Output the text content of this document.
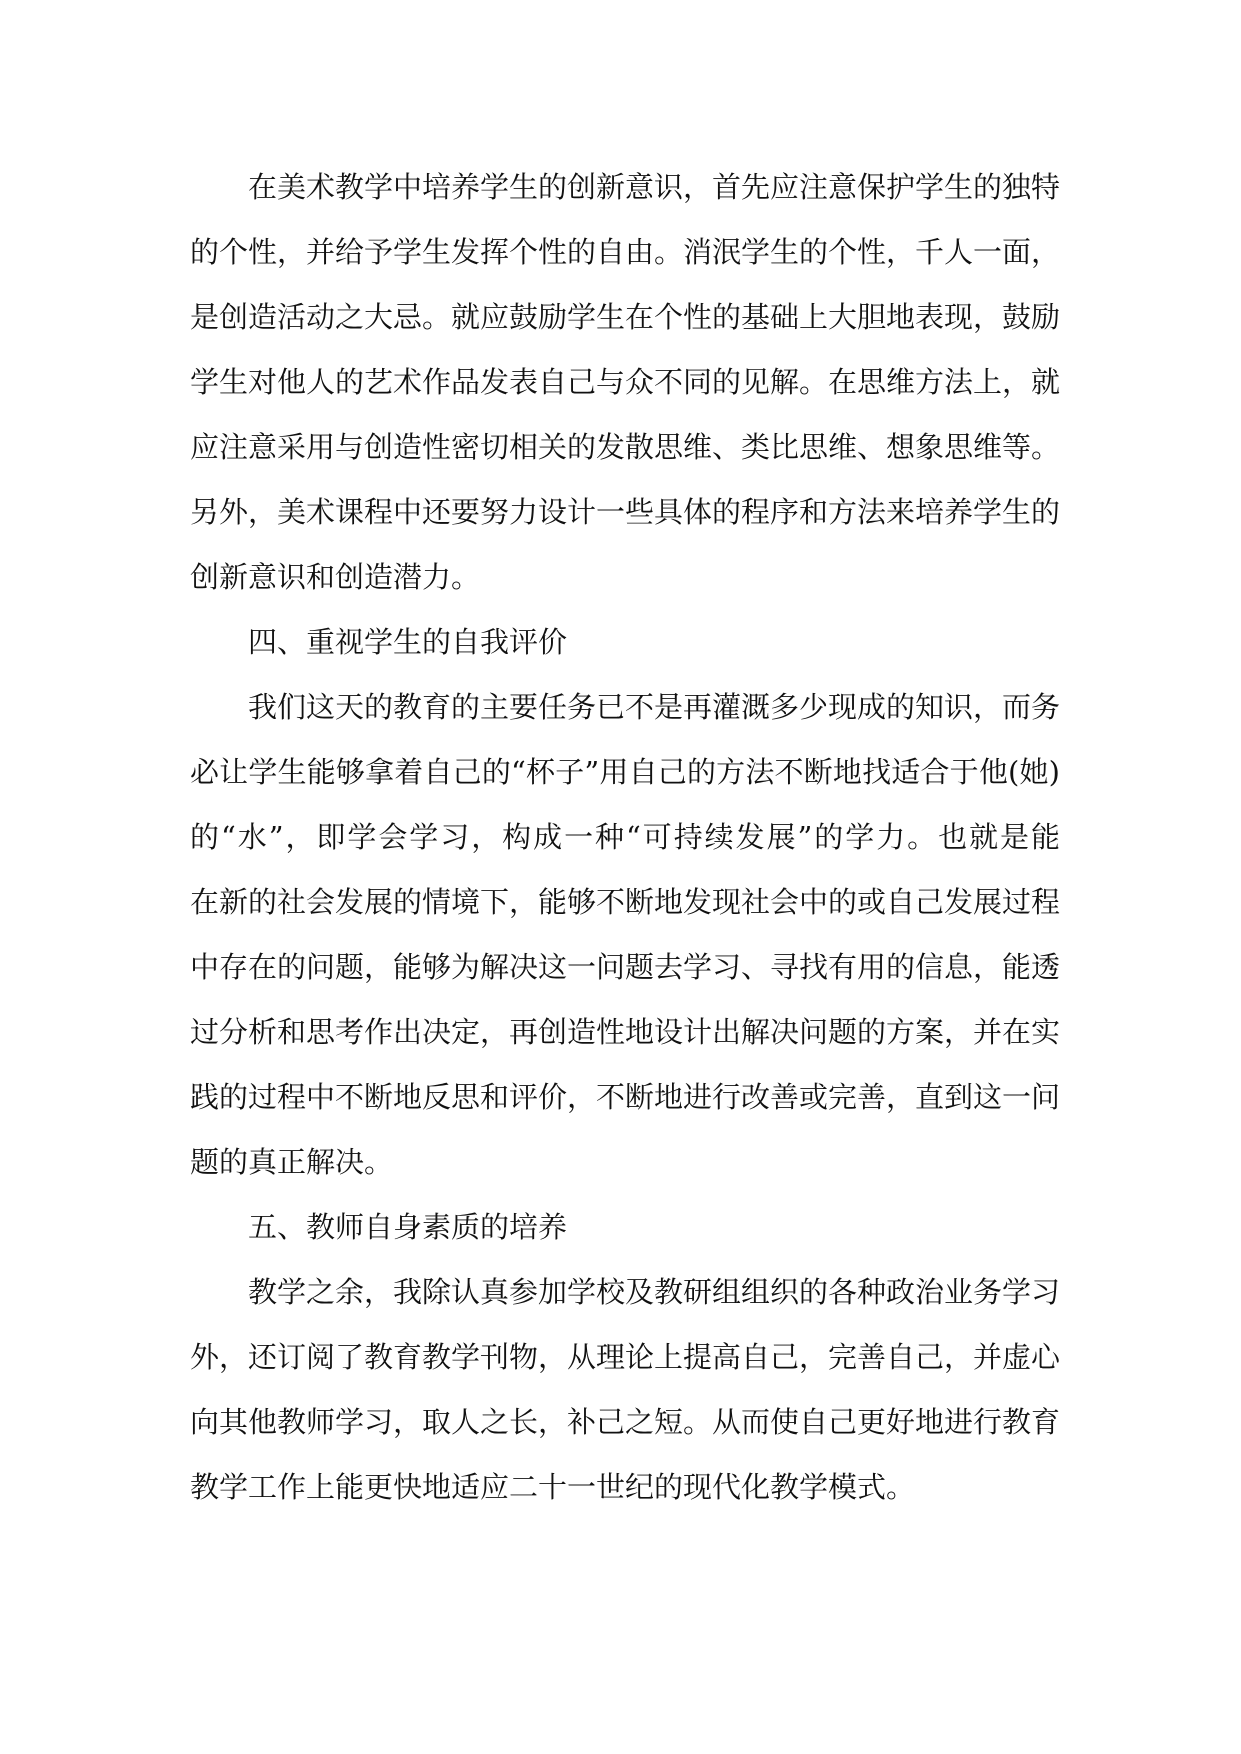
在美术教学中培养学生的创新意识，首先应注意保护学生的独特
的个性，并给予学生发挥个性的自由。消泯学生的个性，千人一面，
是创造活动之大忌。就应鼓励学生在个性的基础上大胆地表现，鼓励
学生对他人的艺术作品发表自己与众不同的见解。在思维方法上，就
应注意采用与创造性密切相关的发散思维、类比思维、想象思维等。
另外，美术课程中还要努力设计一些具体的程序和方法来培养学生的
创新意识和创造潜力。

四、重视学生的自我评价

我们这天的教育的主要任务已不是再灌溉多少现成的知识，而务
必让学生能够拿着自己的“杯子”用自己的方法不断地找适合于他(她)
的“水”，即学会学习，构成一种“可持续发展”的学力。也就是能
在新的社会发展的情境下，能够不断地发现社会中的或自己发展过程
中存在的问题，能够为解决这一问题去学习、寻找有用的信息，能透
过分析和思考作出决定，再创造性地设计出解决问题的方案，并在实
践的过程中不断地反思和评价，不断地进行改善或完善，直到这一问
题的真正解决。

五、教师自身素质的培养

教学之余，我除认真参加学校及教研组组织的各种政治业务学习
外，还订阅了教育教学刊物，从理论上提高自己，完善自己，并虚心
向其他教师学习，取人之长，补己之短。从而使自己更好地进行教育
教学工作上能更快地适应二十一世纪的现代化教学模式。
